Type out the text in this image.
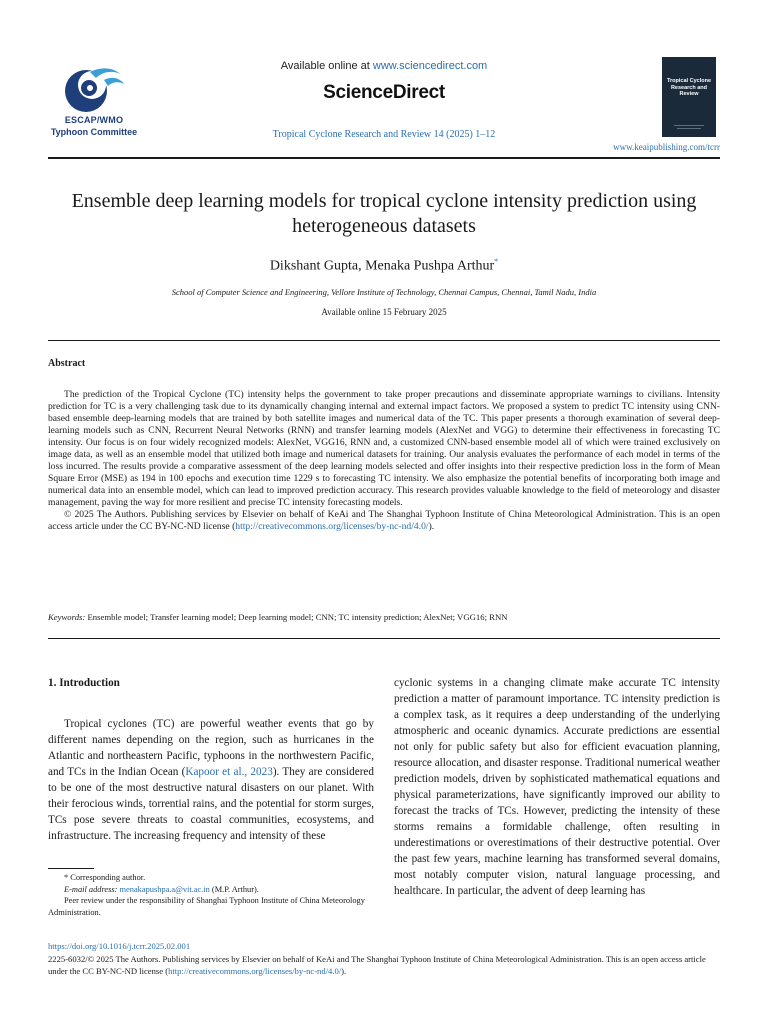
ESCAP/WMO
Typhoon Committee
Available online at www.sciencedirect.com
ScienceDirect
Tropical Cyclone Research and Review 14 (2025) 1–12
Tropical Cyclone Research and Review
www.keaipublishing.com/tcrr
Ensemble deep learning models for tropical cyclone intensity prediction using heterogeneous datasets
Dikshant Gupta, Menaka Pushpa Arthur*
School of Computer Science and Engineering, Vellore Institute of Technology, Chennai Campus, Chennai, Tamil Nadu, India
Available online 15 February 2025
Abstract

The prediction of the Tropical Cyclone (TC) intensity helps the government to take proper precautions and disseminate appropriate warnings to civilians. Intensity prediction for TC is a very challenging task due to its dynamically changing internal and external impact factors. We proposed a system to predict TC intensity using CNN-based ensemble deep-learning models that are trained by both satellite images and numerical data of the TC. This paper presents a thorough examination of several deep-learning models such as CNN, Recurrent Neural Networks (RNN) and transfer learning models (AlexNet and VGG) to determine their effectiveness in forecasting TC intensity. Our focus is on four widely recognized models: AlexNet, VGG16, RNN and, a customized CNN-based ensemble model all of which were trained exclusively on image data, as well as an ensemble model that utilized both image and numerical datasets for training. Our analysis evaluates the performance of each model in terms of the loss incurred. The results provide a comparative assessment of the deep learning models selected and offer insights into their respective prediction loss in the form of Mean Square Error (MSE) as 194 in 100 epochs and execution time 1229 s to forecasting TC intensity. We also emphasize the potential benefits of incorporating both image and numerical data into an ensemble model, which can lead to improved prediction accuracy. This research provides valuable knowledge to the field of meteorology and disaster management, paving the way for more resilient and precise TC intensity forecasting models.

© 2025 The Authors. Publishing services by Elsevier on behalf of KeAi and The Shanghai Typhoon Institute of China Meteorological Administration. This is an open access article under the CC BY-NC-ND license (http://creativecommons.org/licenses/by-nc-nd/4.0/).

Keywords: Ensemble model; Transfer learning model; Deep learning model; CNN; TC intensity prediction; AlexNet; VGG16; RNN
1. Introduction

Tropical cyclones (TC) are powerful weather events that go by different names depending on the region, such as hurricanes in the Atlantic and northeastern Pacific, typhoons in the northwestern Pacific, and TCs in the Indian Ocean (Kapoor et al., 2023). They are considered to be one of the most destructive natural disasters on our planet. With their ferocious winds, torrential rains, and the potential for storm surges, TCs pose severe threats to coastal communities, ecosystems, and infrastructure. The increasing frequency and intensity of these

cyclonic systems in a changing climate make accurate TC intensity prediction a matter of paramount importance. TC intensity prediction is a complex task, as it requires a deep understanding of the underlying atmospheric and oceanic dynamics. Accurate predictions are essential not only for public safety but also for efficient evacuation planning, resource allocation, and disaster response. Traditional numerical weather prediction models, driven by sophisticated mathematical equations and physical parameterizations, have significantly improved our ability to forecast the tracks of TCs. However, predicting the intensity of these storms remains a formidable challenge, often resulting in underestimations or overestimations of their destructive potential. Over the past few years, machine learning has transformed several domains, most notably computer vision, natural language processing, and healthcare. In particular, the advent of deep learning has

* Corresponding author.

E-mail address: menakapushpa.a@vit.ac.in (M.P. Arthur).

Peer review under the responsibility of Shanghai Typhoon Institute of China Meteorology Administration.

https://doi.org/10.1016/j.tcrr.2025.02.001
2225-6032/© 2025 The Authors. Publishing services by Elsevier on behalf of KeAi and The Shanghai Typhoon Institute of China Meteorological Administration. This is an open access article under the CC BY-NC-ND license (http://creativecommons.org/licenses/by-nc-nd/4.0/).
